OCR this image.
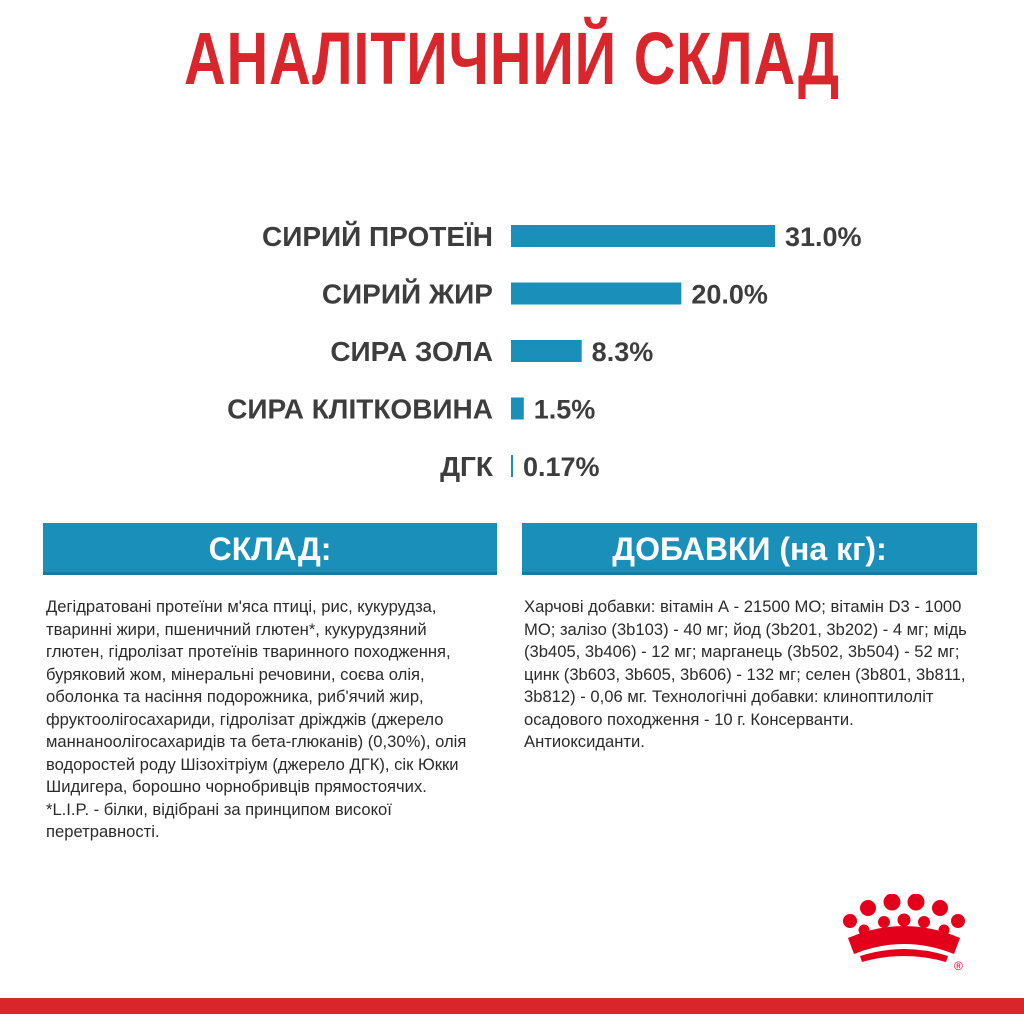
АНАЛІТИЧНИЙ СКЛАД
СИРИЙ ПРОТЕЇН	31.0%
СИРИЙ ЖИР	20.0%
СИРА ЗОЛА	8.3%
СИРА КЛІТКОВИНА 1.5%
ДГК 0.17%
СКЛАД:
Дегідратовані протеїни м'яса птиці, рис, кукурудза, тваринні жири, пшеничний глютен*, кукурудзяний глютен, гідролізат протеїнів тваринного походження, буряковий жом, мінеральні речовини, соєва олія, оболонка та насіння подорожника, риб'ячий жир, фруктоолігосахариди, гідролізат дріжджів (джерело маннаноолігосахаридів та бета-глюканів) (0,30%), олія водоростей роду Шізохітріум (джерело ДГК), сік Юкки Шидигера, борошно чорнобривців прямостоячих. *L.I.P. - білки, відібрані за принципом високої перетравності.
ДОБАВКИ (на кг):
Харчові добавки: вітамін А - 21500 МО; вітамін D3 - 1000 МО; залізо (3b103) - 40 мг; йод (3b201, 3b202) - 4 мг; мідь (3b405, 3b406) - 12 мг; марганець (3b502, 3b504) - 52 мг; цинк (3b603, 3b605, 3b606) - 132 мг; селен (3b801, 3b811, 3b812) - 0,06 мг. Технологічні добавки: клиноптилоліт осадового походження - 10 г. Консерванти. Антиоксиданти.
®
